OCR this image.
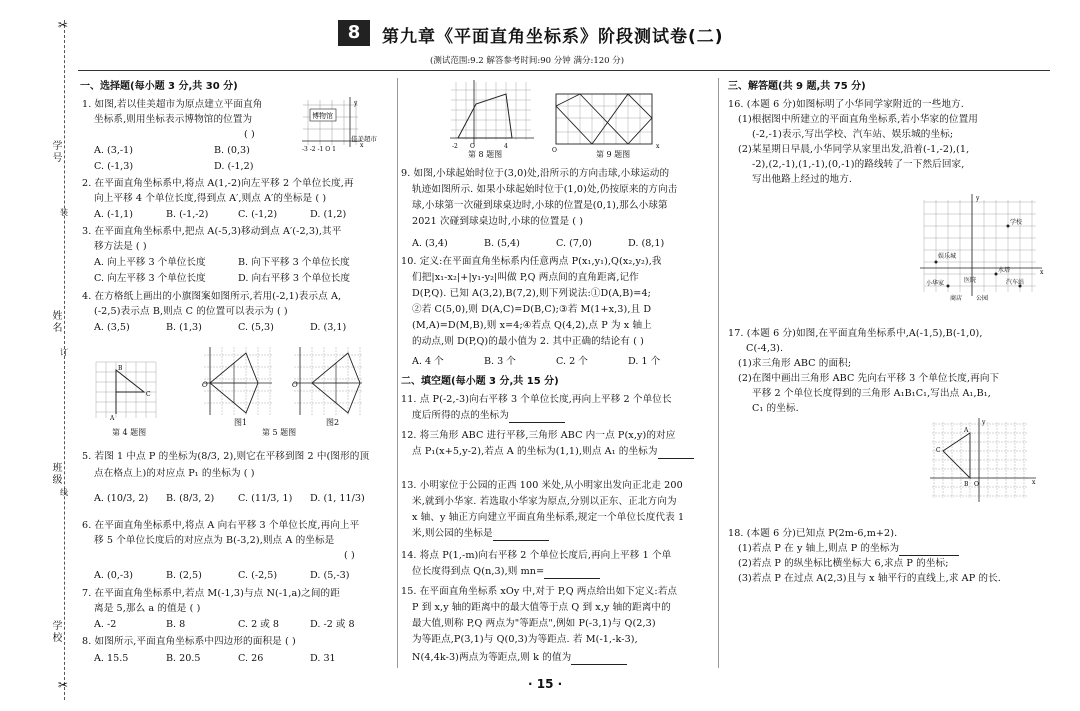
✂
✂
学号
姓名
班级
学校
装
订
线
8	第九章《平面直角坐标系》阶段测试卷(二)
(测试范围:9.2 解答参考时间:90 分钟 满分:120 分)
一、选择题(每小题 3 分,共 30 分)
1. 如图,若以佳美超市为原点建立平面直角
坐标系,则用坐标表示博物馆的位置为
( )
A. (3,-1)	B. (0,3)
C. (-1,3)	D. (-1,2)
博物馆
佳美超市
y
x
-3 -2 -1 O 1
2. 在平面直角坐标系中,将点 A(1,-2)向左平移 2 个单位长度,再
向上平移 4 个单位长度,得到点 A′,则点 A′的坐标是 ( )
A. (-1,1)	B. (-1,-2)	C. (-1,2)	D. (1,2)
3. 在平面直角坐标系中,把点 A(-5,3)移动到点 A′(-2,3),其平
移方法是 ( )
A. 向上平移 3 个单位长度	B. 向下平移 3 个单位长度
C. 向左平移 3 个单位长度	D. 向右平移 3 个单位长度
4. 在方格纸上画出的小旗图案如图所示,若用(-2,1)表示点 A,
(-2,5)表示点 B,则点 C 的位置可以表示为 ( )
A. (3,5)	B. (1,3)	C. (5,3)	D. (3,1)
A
B
C
第 4 题图
O
图1
O
图2
第 5 题图
5. 若图 1 中点 P 的坐标为(8/3, 2),则它在平移到图 2 中(图形的顶
点在格点上)的对应点 P₁ 的坐标为 ( )
A. (10/3, 2) B. (8/3, 2) C. (11/3, 1) D. (1, 11/3)
6. 在平面直角坐标系中,将点 A 向右平移 3 个单位长度,再向上平
移 5 个单位长度后的对应点为 B(-3,2),则点 A 的坐标是
( )
A. (0,-3)	B. (2,5)	C. (-2,5)	D. (5,-3)
7. 在平面直角坐标系中,若点 M(-1,3)与点 N(-1,a)之间的距
离是 5,那么 a 的值是 ( )
A. -2	B. 8	C. 2 或 8	D. -2 或 8
8. 如图所示,平面直角坐标系中四边形的面积是 ( )
A. 15.5	B. 20.5	C. 26	D. 31
-2 O	4
第 8 题图	O
x
第 9 题图
9. 如图,小球起始时位于(3,0)处,沿所示的方向击球,小球运动的
轨迹如图所示. 如果小球起始时位于(1,0)处,仍按原来的方向击
球,小球第一次碰到球桌边时,小球的位置是(0,1),那么小球第
2021 次碰到球桌边时,小球的位置是 ( )
A. (3,4)	B. (5,4)	C. (7,0)	D. (8,1)
10. 定义:在平面直角坐标系内任意两点 P(x₁,y₁),Q(x₂,y₂),我
们把|x₁-x₂|+|y₁-y₂|叫做 P,Q 两点间的直角距离,记作
D(P,Q). 已知 A(3,2),B(7,2),则下列说法:①D(A,B)=4;
②若 C(5,0),则 D(A,C)=D(B,C);③若 M(1+x,3),且 D
(M,A)=D(M,B),则 x=4;④若点 Q(4,2),点 P 为 x 轴上
的动点,则 D(P,Q)的最小值为 2. 其中正确的结论有 ( )
A. 4 个	B. 3 个	C. 2 个	D. 1 个
二、填空题(每小题 3 分,共 15 分)
11. 点 P(-2,-3)向右平移 3 个单位长度,再向上平移 2 个单位长
度后所得的点的坐标为
12. 将三角形 ABC 进行平移,三角形 ABC 内一点 P(x,y)的对应
点 P₁(x+5,y-2),若点 A 的坐标为(1,1),则点 A₁ 的坐标为
13. 小明家位于公园的正西 100 米处,从小明家出发向正北走 200
米,就到小华家. 若选取小华家为原点,分别以正东、正北方向为
x 轴、y 轴正方向建立平面直角坐标系,规定一个单位长度代表 1
米,则公园的坐标是
14. 将点 P(1,-m)向右平移 2 个单位长度后,再向上平移 1 个单
位长度得到点 Q(n,3),则 mn=
15. 在平面直角坐标系 xOy 中,对于 P,Q 两点给出如下定义:若点
P 到 x,y 轴的距离中的最大值等于点 Q 到 x,y 轴的距离中的
最大值,则称 P,Q 两点为"等距点",例如 P(-3,1)与 Q(2,3)
为等距点,P(3,1)与 Q(0,3)为等距点. 若 M(-1,-k-3),
N(4,4k-3)两点为等距点,则 k 的值为
三、解答题(共 9 题,共 75 分)
16. (本题 6 分)如图标明了小华同学家附近的一些地方.
(1)根据图中所建立的平面直角坐标系,若小华家的位置用
(-2,-1)表示,写出学校、汽车站、娱乐城的坐标;
(2)某星期日早晨,小华同学从家里出发,沿着(-1,-2),(1,
-2),(2,-1),(1,-1),(0,-1)的路线转了一下然后回家,
写出他路上经过的地方.
y
x
学校
娱乐城
水塔
小华家	汽车站
商店 公园
医院
17. (本题 6 分)如图,在平面直角坐标系中,A(-1,5),B(-1,0),
C(-4,3).
(1)求三角形 ABC 的面积;
(2)在图中画出三角形 ABC 先向右平移 3 个单位长度,再向下
平移 2 个单位长度得到的三角形 A₁B₁C₁,写出点 A₁,B₁,
C₁ 的坐标.
A
B
C
y
x
O
18. (本题 6 分)已知点 P(2m-6,m+2).
(1)若点 P 在 y 轴上,则点 P 的坐标为
(2)若点 P 的纵坐标比横坐标大 6,求点 P 的坐标;
(3)若点 P 在过点 A(2,3)且与 x 轴平行的直线上,求 AP 的长.
· 15 ·
